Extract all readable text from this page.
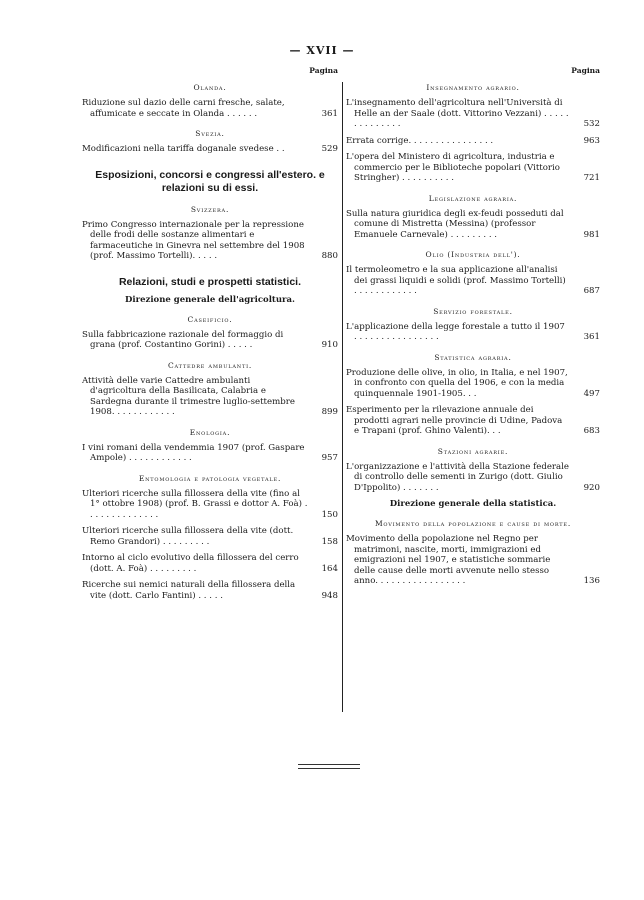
— XVII —
Pagina
Olanda.
Riduzione sul dazio delle carni fresche, salate, affumicate e seccate in Olanda . . . . . .	361
Svezia.
Modificazioni nella tariffa doganale svedese . .	529
Esposizioni, concorsi e congressi all'estero. e relazioni su di essi.
Svizzera.
Primo Congresso internazionale per la repressione delle frodi delle sostanze alimentari e farmaceutiche in Ginevra nel settembre del 1908 (prof. Massimo Tortelli). . . . .	880
Relazioni, studi e prospetti statistici.
Direzione generale dell'agricoltura.
Caseificio.
Sulla fabbricazione razionale del formaggio di grana (prof. Costantino Gorini) . . . . .	910
Cattedre ambulanti.
Attività delle varie Cattedre ambulanti d'agricoltura della Basilicata, Calabria e Sardegna durante il trimestre luglio-settembre 1908. . . . . . . . . . . .	899
Enologia.
I vini romani della vendemmia 1907 (prof. Gaspare Ampole) . . . . . . . . . . . .	957
Entomologia e patologia vegetale.
Ulteriori ricerche sulla fillossera della vite (fino al 1° ottobre 1908) (prof. B. Grassi e dottor A. Foà) . . . . . . . . . . . . . .	150
Ulteriori ricerche sulla fillossera della vite (dott. Remo Grandori) . . . . . . . . .	158
Intorno al ciclo evolutivo della fillossera del cerro (dott. A. Foà) . . . . . . . . .	164
Ricerche sui nemici naturali della fillossera della vite (dott. Carlo Fantini) . . . . .	948
Pagina
Insegnamento agrario.
L'insegnamento dell'agricoltura nell'Università di Helle an der Saale (dott. Vittorino Vezzani) . . . . . . . . . . . . . .	532
Errata corrige. . . . . . . . . . . . . . . .	963
L'opera del Ministero di agricoltura, industria e commercio per le Biblioteche popolari (Vittorio Stringher) . . . . . . . . . .	721
Legislazione agraria.
Sulla natura giuridica degli ex-feudi posseduti dal comune di Mistretta (Messina) (professor Emanuele Carnevale) . . . . . . . . .	981
Olio (Industria dell').
Il termoleometro e la sua applicazione all'analisi dei grassi liquidi e solidi (prof. Massimo Tortelli) . . . . . . . . . . . .	687
Servizio forestale.
L'applicazione della legge forestale a tutto il 1907 . . . . . . . . . . . . . . . .	361
Statistica agraria.
Produzione delle olive, in olio, in Italia, e nel 1907, in confronto con quella del 1906, e con la media quinquennale 1901-1905. . .	497
Esperimento per la rilevazione annuale dei prodotti agrari nelle provincie di Udine, Padova e Trapani (prof. Ghino Valenti). . .	683
Stazioni agrarie.
L'organizzazione e l'attività della Stazione federale di controllo delle sementi in Zurigo (dott. Giulio D'Ippolito) . . . . . . .	920
Direzione generale della statistica.
Movimento della popolazione e cause di morte.
Movimento della popolazione nel Regno per matrimoni, nascite, morti, immigrazioni ed emigrazioni nel 1907, e statistiche sommarie delle cause delle morti avvenute nello stesso anno. . . . . . . . . . . . . . . . .	136
